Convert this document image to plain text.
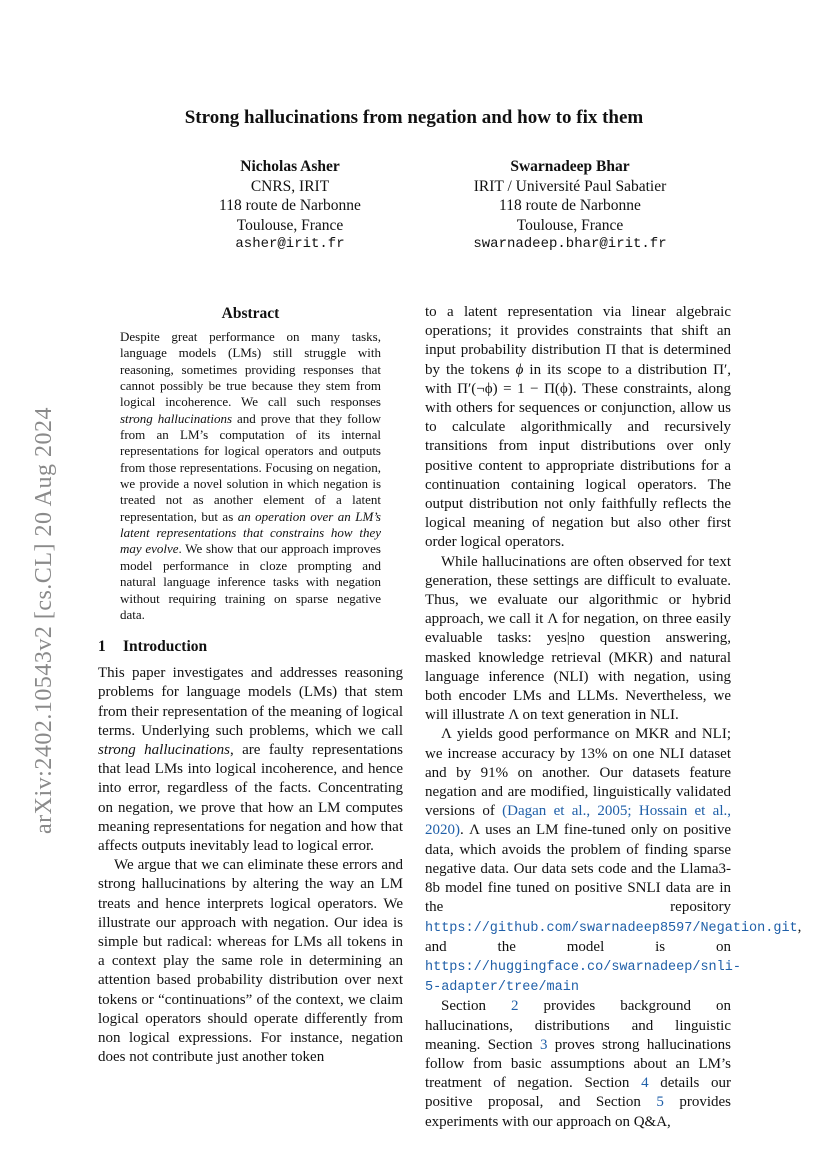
arXiv:2402.10543v2 [cs.CL] 20 Aug 2024
Strong hallucinations from negation and how to fix them
Nicholas Asher
CNRS, IRIT
118 route de Narbonne
Toulouse, France
asher@irit.fr
Swarnadeep Bhar
IRIT / Université Paul Sabatier
118 route de Narbonne
Toulouse, France
swarnadeep.bhar@irit.fr
Abstract
Despite great performance on many tasks, language models (LMs) still struggle with reasoning, sometimes providing responses that cannot possibly be true because they stem from logical incoherence. We call such responses strong hallucinations and prove that they follow from an LM’s computation of its internal representations for logical operators and outputs from those representations. Focusing on negation, we provide a novel solution in which negation is treated not as another element of a latent representation, but as an operation over an LM’s latent representations that constrains how they may evolve. We show that our approach improves model performance in cloze prompting and natural language inference tasks with negation without requiring training on sparse negative data.
1 Introduction

This paper investigates and addresses reasoning problems for language models (LMs) that stem from their representation of the meaning of logical terms. Underlying such problems, which we call strong hallucinations, are faulty representations that lead LMs into logical incoherence, and hence into error, regardless of the facts. Concentrating on negation, we prove that how an LM computes meaning representations for negation and how that affects outputs inevitably lead to logical error.

We argue that we can eliminate these errors and strong hallucinations by altering the way an LM treats and hence interprets logical operators. We illustrate our approach with negation. Our idea is simple but radical: whereas for LMs all tokens in a context play the same role in determining an attention based probability distribution over next tokens or “continuations” of the context, we claim logical operators should operate differently from non logical expressions. For instance, negation does not contribute just another token

to a latent representation via linear algebraic operations; it provides constraints that shift an input probability distribution Π that is determined by the tokens ϕ in its scope to a distribution Π′, with Π′(¬ϕ) = 1 − Π(ϕ). These constraints, along with others for sequences or conjunction, allow us to calculate algorithmically and recursively transitions from input distributions over only positive content to appropriate distributions for a continuation containing logical operators. The output distribution not only faithfully reflects the logical meaning of negation but also other first order logical operators.

While hallucinations are often observed for text generation, these settings are difficult to evaluate. Thus, we evaluate our algorithmic or hybrid approach, we call it Λ for negation, on three easily evaluable tasks: yes|no question answering, masked knowledge retrieval (MKR) and natural language inference (NLI) with negation, using both encoder LMs and LLMs. Nevertheless, we will illustrate Λ on text generation in NLI.

Λ yields good performance on MKR and NLI; we increase accuracy by 13% on one NLI dataset and by 91% on another. Our datasets feature negation and are modified, linguistically validated versions of (Dagan et al., 2005; Hossain et al., 2020). Λ uses an LM fine-tuned only on positive data, which avoids the problem of finding sparse negative data. Our data sets code and the Llama3-8b model fine tuned on positive SNLI data are in the repository https://github.com/swarnadeep8597/Negation.git, and the model is on https://huggingface.co/swarnadeep/snli-5-adapter/tree/main

Section 2 provides background on hallucinations, distributions and linguistic meaning. Section 3 proves strong hallucinations follow from basic assumptions about an LM’s treatment of negation. Section 4 details our positive proposal, and Section 5 provides experiments with our approach on Q&A,
